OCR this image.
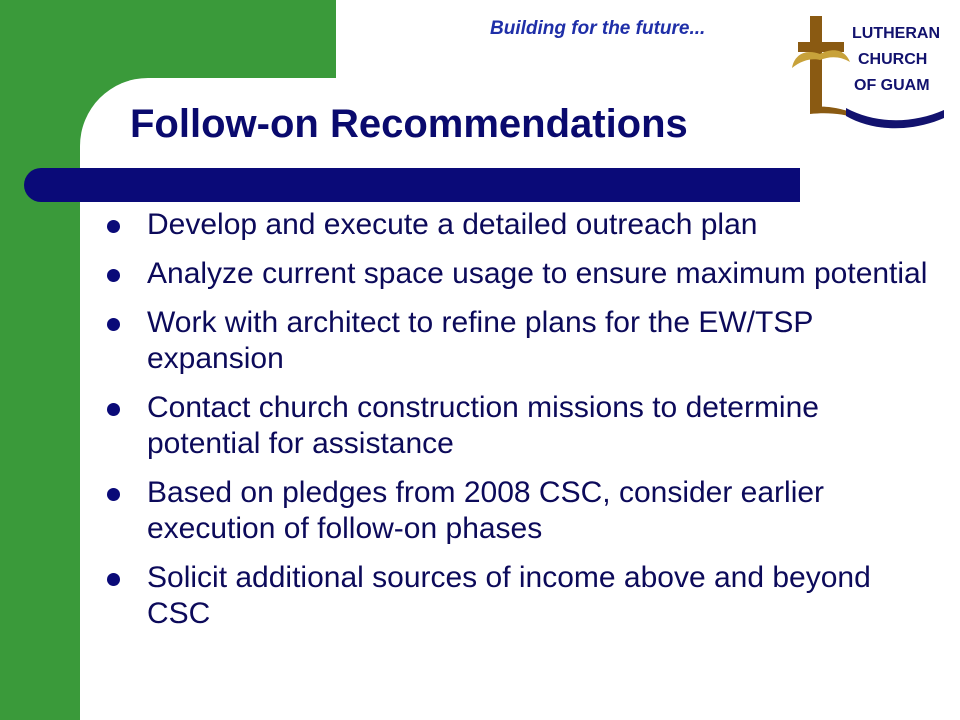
Building for the future...	LUTHERAN
CHURCH
OF GUAM
Follow-on Recommendations
Develop and execute a detailed outreach plan
Analyze current space usage to ensure maximum potential
Work with architect to refine plans for the EW/TSP expansion
Contact church construction missions to determine potential for assistance
Based on pledges from 2008 CSC, consider earlier execution of follow-on phases
Solicit additional sources of income above and beyond CSC
